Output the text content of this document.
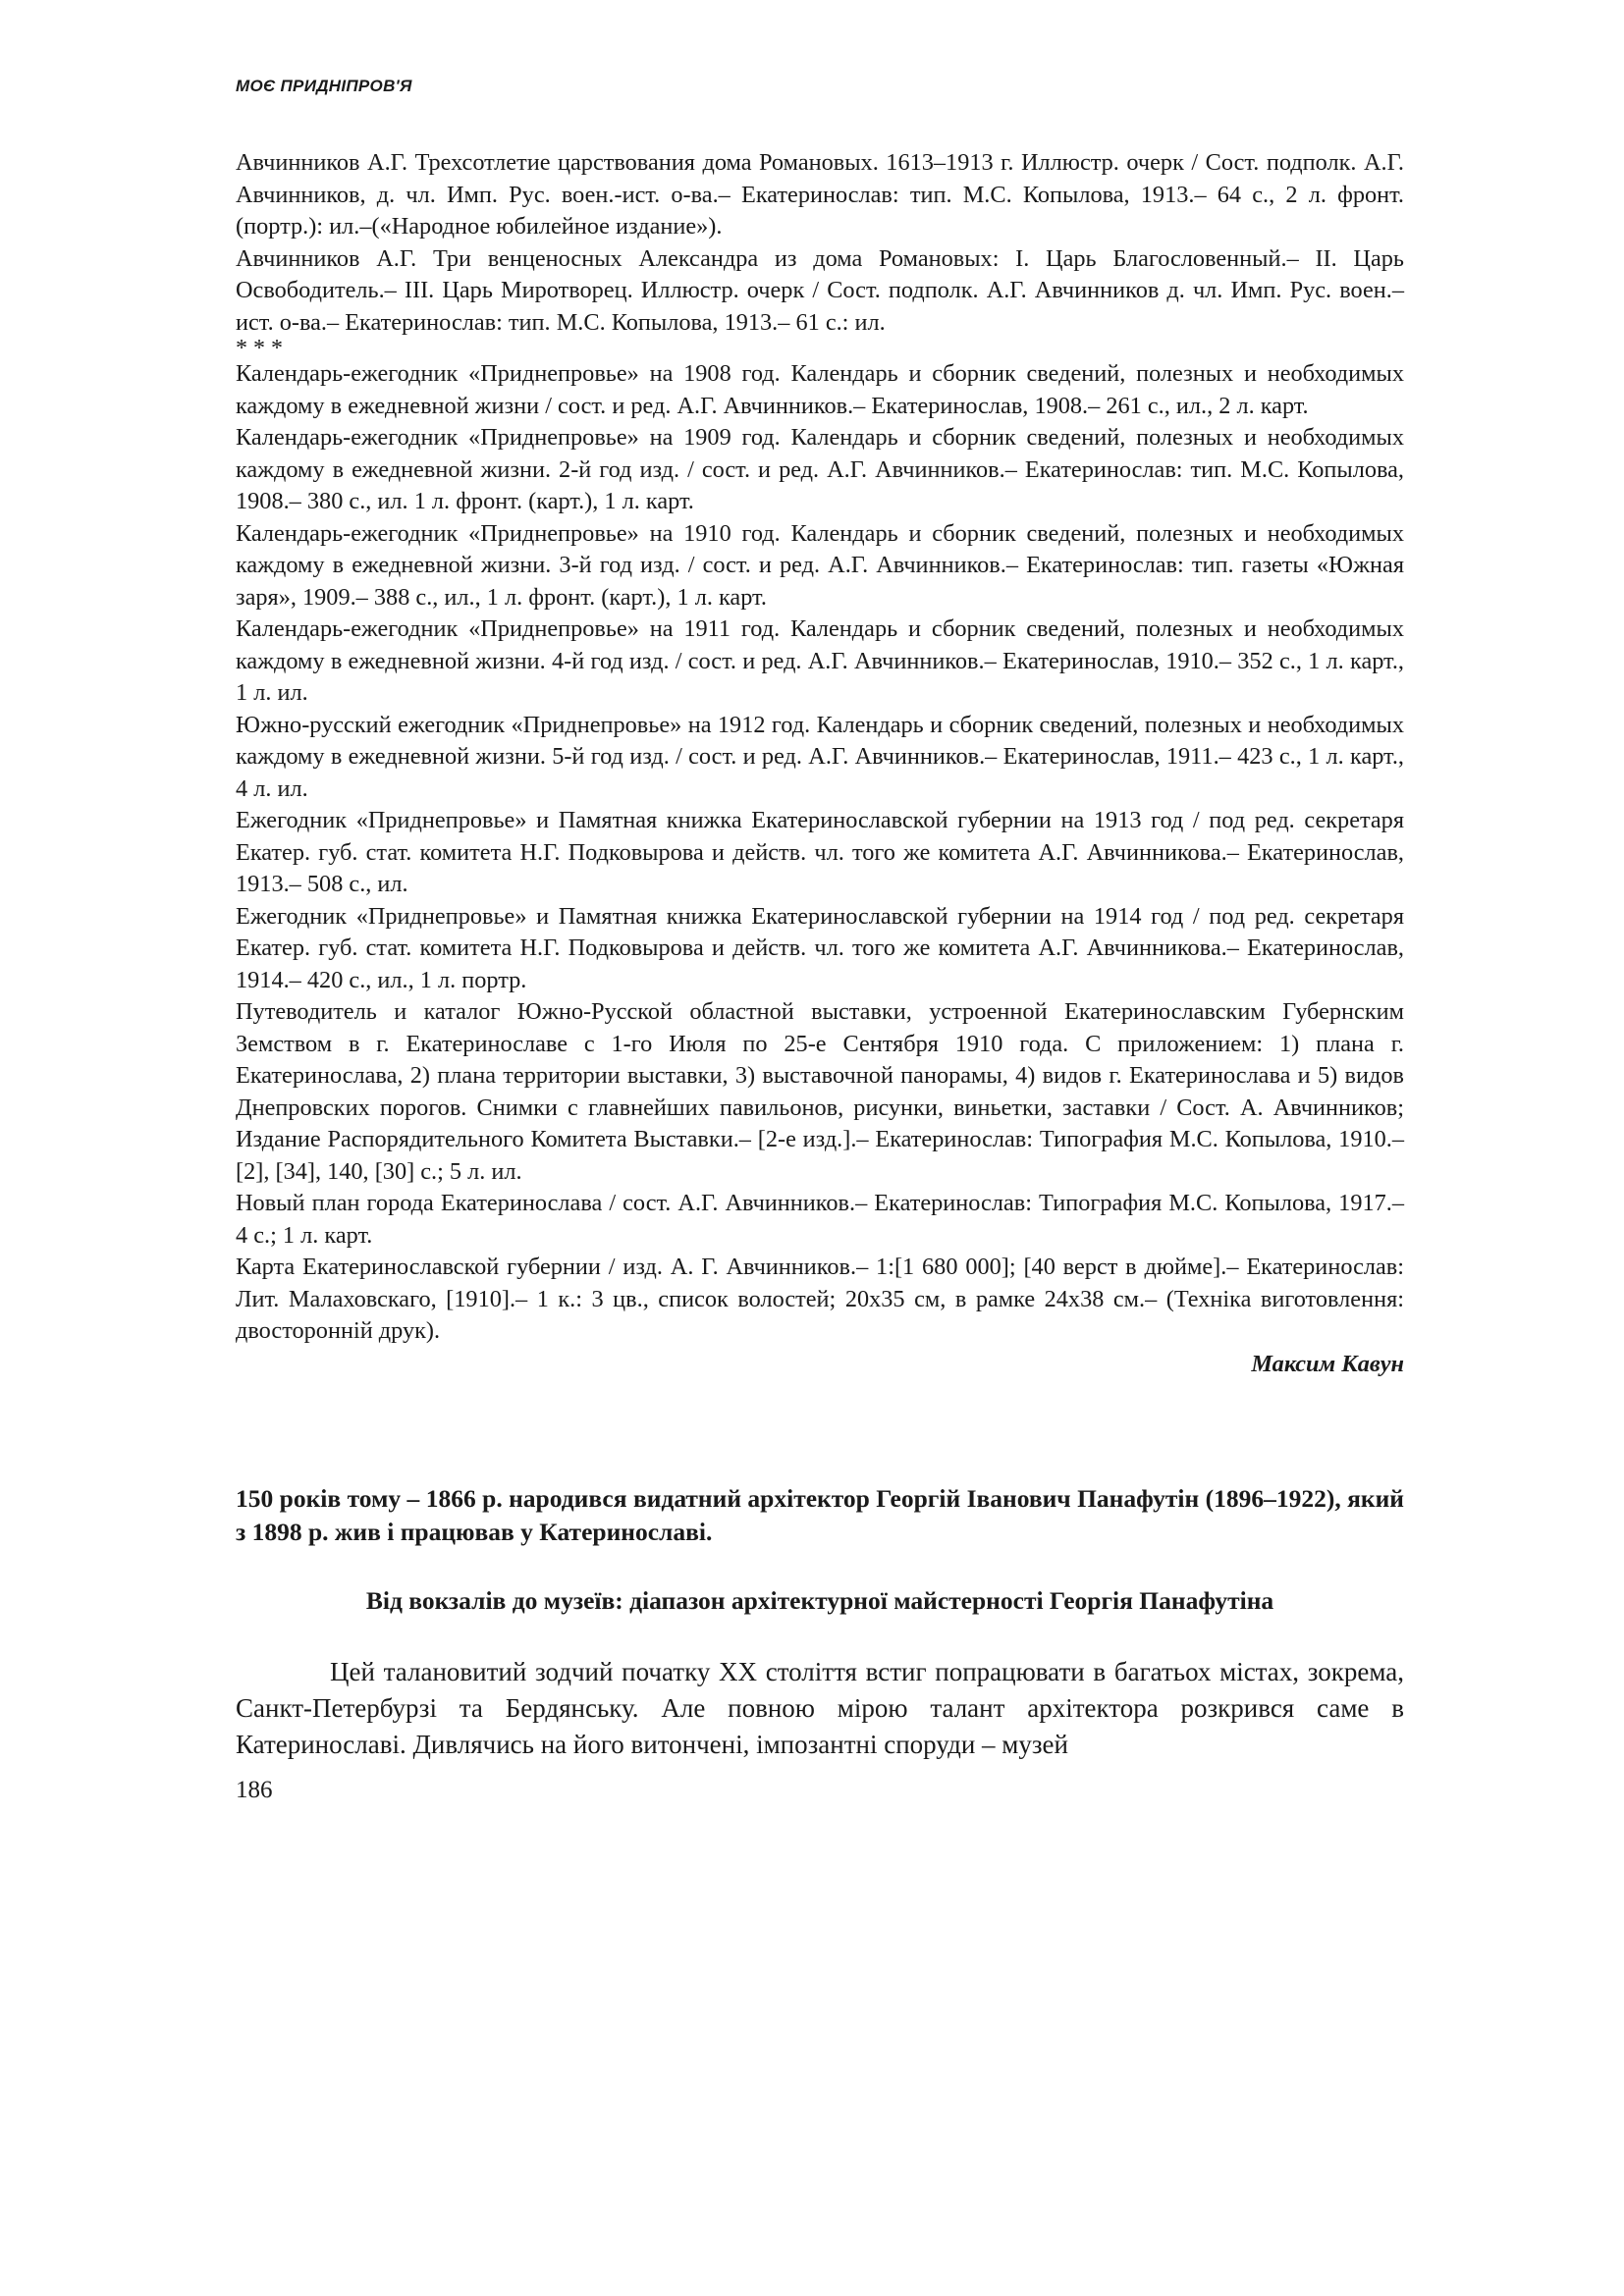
МОЄ ПРИДНІПРОВ'Я

Авчинников А.Г. Трехсотлетие царствования дома Романовых. 1613–1913 г. Иллюстр. очерк / Сост. подполк. А.Г. Авчинников, д. чл. Имп. Рус. воен.-ист. о-ва.– Екатеринослав: тип. М.С. Копылова, 1913.– 64 с., 2 л. фронт. (портр.): ил.–(«Народное юбилейное издание»).

Авчинников А.Г. Три венценосных Александра из дома Романовых: I. Царь Благословенный.– II. Царь Освободитель.– III. Царь Миротворец. Иллюстр. очерк / Сост. подполк. А.Г. Авчинников д. чл. Имп. Рус. воен.–ист. о-ва.– Екатеринослав: тип. М.С. Копылова, 1913.– 61 с.: ил.

* * *

Календарь-ежегодник «Приднепровье» на 1908 год. Календарь и сборник сведений, полезных и необходимых каждому в ежедневной жизни / сост. и ред. А.Г. Авчинников.– Екатеринослав, 1908.– 261 с., ил., 2 л. карт.

Календарь-ежегодник «Приднепровье» на 1909 год. Календарь и сборник сведений, полезных и необходимых каждому в ежедневной жизни. 2-й год изд. / сост. и ред. А.Г. Авчинников.– Екатеринослав: тип. М.С. Копылова, 1908.– 380 с., ил. 1 л. фронт. (карт.), 1 л. карт.

Календарь-ежегодник «Приднепровье» на 1910 год. Календарь и сборник сведений, полезных и необходимых каждому в ежедневной жизни. 3-й год изд. / сост. и ред. А.Г. Авчинников.– Екатеринослав: тип. газеты «Южная заря», 1909.– 388 с., ил., 1 л. фронт. (карт.), 1 л. карт.

Календарь-ежегодник «Приднепровье» на 1911 год. Календарь и сборник сведений, полезных и необходимых каждому в ежедневной жизни. 4-й год изд. / сост. и ред. А.Г. Авчинников.– Екатеринослав, 1910.– 352 с., 1 л. карт., 1 л. ил.

Южно-русский ежегодник «Приднепровье» на 1912 год. Календарь и сборник сведений, полезных и необходимых каждому в ежедневной жизни. 5-й год изд. / сост. и ред. А.Г. Авчинников.– Екатеринослав, 1911.– 423 с., 1 л. карт., 4 л. ил.

Ежегодник «Приднепровье» и Памятная книжка Екатеринославской губернии на 1913 год / под ред. секретаря Екатер. губ. стат. комитета Н.Г. Подковырова и действ. чл. того же комитета А.Г. Авчинникова.– Екатеринослав, 1913.– 508 с., ил.

Ежегодник «Приднепровье» и Памятная книжка Екатеринославской губернии на 1914 год / под ред. секретаря Екатер. губ. стат. комитета Н.Г. Подковырова и действ. чл. того же комитета А.Г. Авчинникова.– Екатеринослав, 1914.– 420 с., ил., 1 л. портр.

Путеводитель и каталог Южно-Русской областной выставки, устроенной Екатеринославским Губернским Земством в г. Екатеринославе с 1-го Июля по 25-е Сентября 1910 года. С приложением: 1) плана г. Екатеринослава, 2) плана территории выставки, 3) выставочной панорамы, 4) видов г. Екатеринослава и 5) видов Днепровских порогов. Снимки с главнейших павильонов, рисунки, виньетки, заставки / Сост. А. Авчинников; Издание Распорядительного Комитета Выставки.– [2-е изд.].– Екатеринослав: Типография М.С. Копылова, 1910.– [2], [34], 140, [30] с.; 5 л. ил.

Новый план города Екатеринослава / сост. А.Г. Авчинников.– Екатеринослав: Типография М.С. Копылова, 1917.– 4 с.; 1 л. карт.

Карта Екатеринославской губернии / изд. А. Г. Авчинников.– 1:[1 680 000]; [40 верст в дюйме].– Екатеринослав: Лит. Малаховскаго, [1910].– 1 к.: 3 цв., список волостей; 20х35 см, в рамке 24х38 см.– (Техніка виготовлення: двосторонній друк).

Максим Кавун

150 років тому – 1866 р. народився видатний архітектор Георгій Іванович Панафутін (1896–1922), який з 1898 р. жив і працював у Катеринославі.

Від вокзалів до музеїв: діапазон архітектурної майстерності Георгія Панафутіна

Цей талановитий зодчий початку ХХ століття встиг попрацювати в багатьох містах, зокрема, Санкт-Петербурзі та Бердянську. Але повною мірою талант архітектора розкрився саме в Катеринославі. Дивлячись на його витончені, імпозантні споруди – музей

186
